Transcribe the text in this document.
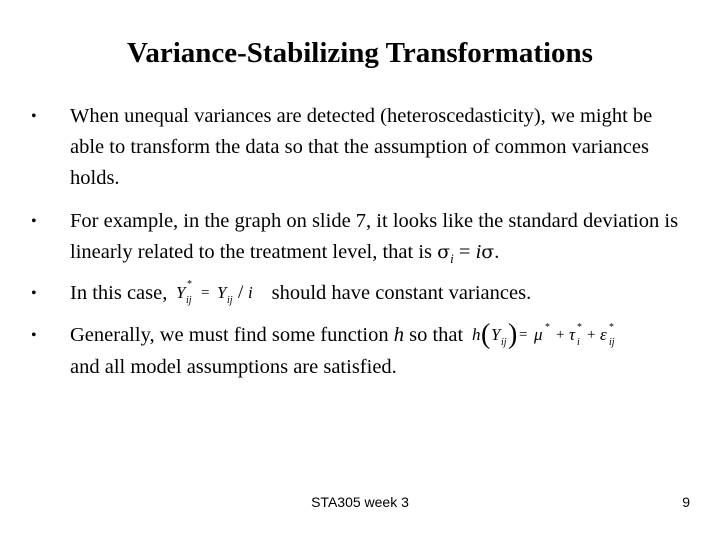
Variance-Stabilizing Transformations
• When unequal variances are detected (heteroscedasticity), we might be able to transform the data so that the assumption of common variances holds.
• For example, in the graph on slide 7, it looks like the standard deviation is linearly related to the treatment level, that is $\sigma_i = i\sigma$.
• In this case, Y *
ij = Y ij / i should have constant variances.
• Generally, we must find some function h so that h ( Y ij ) = μ * + τ *
i + ε *
ij

and all model assumptions are satisfied.
STA305 week 3	9
